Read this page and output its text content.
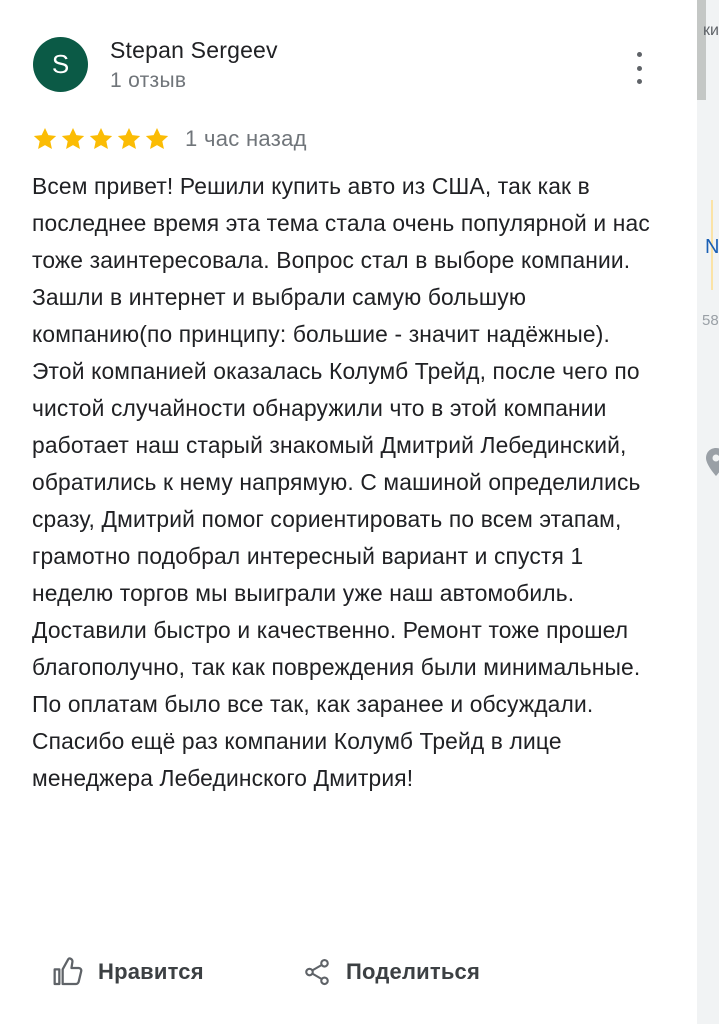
S	Stepan Sergeev
1 отзыв
1 час назад

Всем привет! Решили купить авто из США, так как в последнее время эта тема стала очень популярной и нас тоже заинтересовала. Вопрос стал в выборе компании. Зашли в интернет и выбрали самую большую компанию(по принципу: большие - значит надёжные). Этой компанией оказалась Колумб Трейд, после чего по чистой случайности обнаружили что в этой компании работает наш старый знакомый Дмитрий Лебединский, обратились к нему напрямую. С машиной определились сразу, Дмитрий помог сориентировать по всем этапам, грамотно подобрал интересный вариант и спустя 1 неделю торгов мы выиграли уже наш автомобиль. Доставили быстро и качественно. Ремонт тоже прошел благополучно, так как повреждения были минимальные. По оплатам было все так, как заранее и обсуждали. Спасибо ещё раз компании Колумб Трейд в лице менеджера Лебединского Дмитрия!

Нравится	Поделиться
ки
N
58
